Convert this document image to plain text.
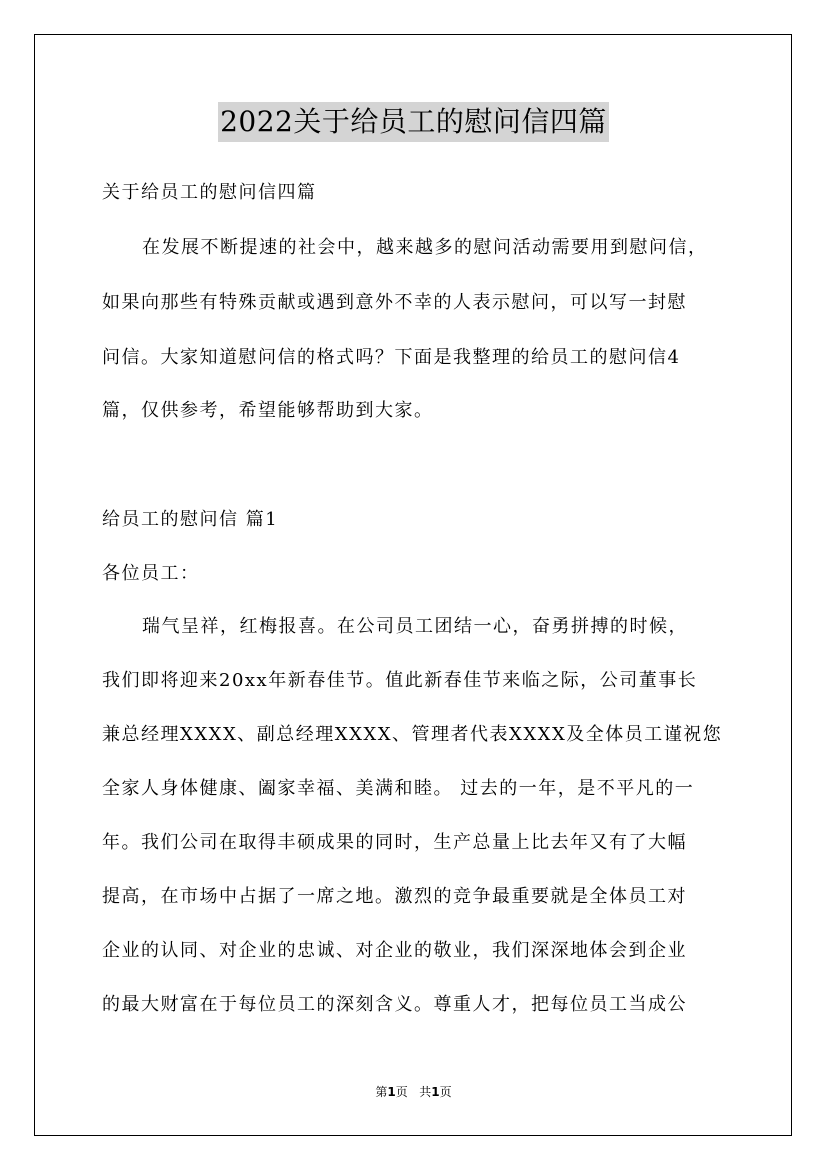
2022关于给员工的慰问信四篇
关于给员工的慰问信四篇
在发展不断提速的社会中，越来越多的慰问活动需要用到慰问信，
如果向那些有特殊贡献或遇到意外不幸的人表示慰问，可以写一封慰
问信。大家知道慰问信的格式吗？下面是我整理的给员工的慰问信4
篇，仅供参考，希望能够帮助到大家。
给员工的慰问信 篇1
各位员工：
瑞气呈祥，红梅报喜。在公司员工团结一心，奋勇拼搏的时候，
我们即将迎来20xx年新春佳节。值此新春佳节来临之际，公司董事长
兼总经理XXXX、副总经理XXXX、管理者代表XXXX及全体员工谨祝您
全家人身体健康、阖家幸福、美满和睦。 过去的一年，是不平凡的一
年。我们公司在取得丰硕成果的同时，生产总量上比去年又有了大幅
提高，在市场中占据了一席之地。激烈的竞争最重要就是全体员工对
企业的认同、对企业的忠诚、对企业的敬业，我们深深地体会到企业
的最大财富在于每位员工的深刻含义。尊重人才，把每位员工当成公
第1页 共1页
